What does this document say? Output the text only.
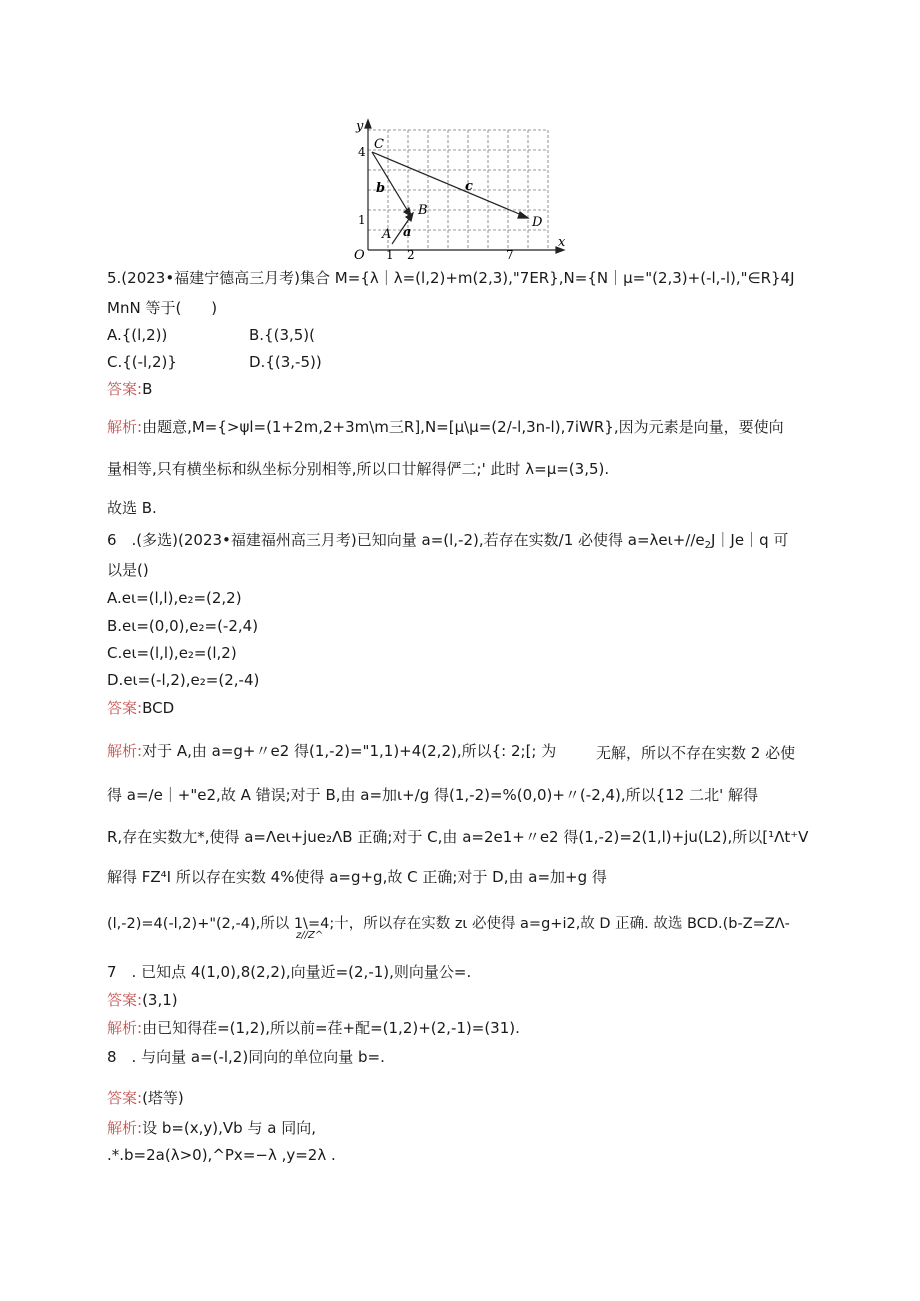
y
x
O
4
1
1 2	7
A
B
C
D
a
b	c
5.(2023•福建宁德高三月考)集合 M={λ｜λ=(l,2)+m(2,3),"7ER},N={N｜μ="(2,3)+(-l,-l),"∈R}4J
MnN 等于(　　)
A.{(l,2))	B.{(3,5)(
C.{(-l,2)}	D.{(3,-5))
答案:B
解析:由题意,M={>ψl=(1+2m,2+3m\m三R],N=[μ\μ=(2/-l,3n-l),7iWR},因为元素是向量，要使向
量相等,只有横坐标和纵坐标分别相等,所以口廿解得俨二;' 此时 λ=μ=(3,5).
故选 B.
6　.(多选)(2023•福建福州高三月考)已知向量 a=(l,-2),若存在实数/1 必使得 $a=\lambda e\iota+∕∕e_2J|Je|q$ 可
以是()
A.eι=(l,l),e₂=(2,2)
B.eι=(0,0),e₂=(-2,4)
C.eι=(l,l),e₂=(l,2)
D.eι=(-l,2),e₂=(2,-4)
答案:BCD
解析:对于 A,由 a=g+〃e2 得(1,-2)="1,1)+4(2,2),所以{: 2;[; 为	无解，所以不存在实数 2 必使
得 a=∕e｜+"e2,故 A 错误;对于 B,由 a=加ι+∕g 得(1,-2)=%(0,0)+〃(-2,4),所以{12 二北' 解得
R,存在实数尢*,使得 a=Λeι+jue₂ΛB 正确;对于 C,由 a=2e1+〃e2 得(1,-2)=2(1,l)+ju(L2),所以[¹Λt⁺V
解得 FZ⁴I 所以存在实数 4%使得 a=g+g,故 C 正确;对于 D,由 a=加+g 得
(l,-2)=4(-l,2)+"(2,-4),所以 1\=4;十，所以存在实数 zι 必使得 a=g+i2,故 D 正确. 故选 BCD.(b-Z=ZΛ-
z∕∕Z^
7　. 已知点 4(1,0),8(2,2),向量近=(2,-1),则向量公=.
答案:(3,1)
解析:由已知得荏=(1,2),所以前=荏+配=(1,2)+(2,-1)=(31).
8　. 与向量 a=(-l,2)同向的单位向量 b=.
答案:(塔等)
解析:设 b=(x,y),Vb 与 a 同向,
.*.b=2a(λ>0),^Px=−λ ,y=2λ .
